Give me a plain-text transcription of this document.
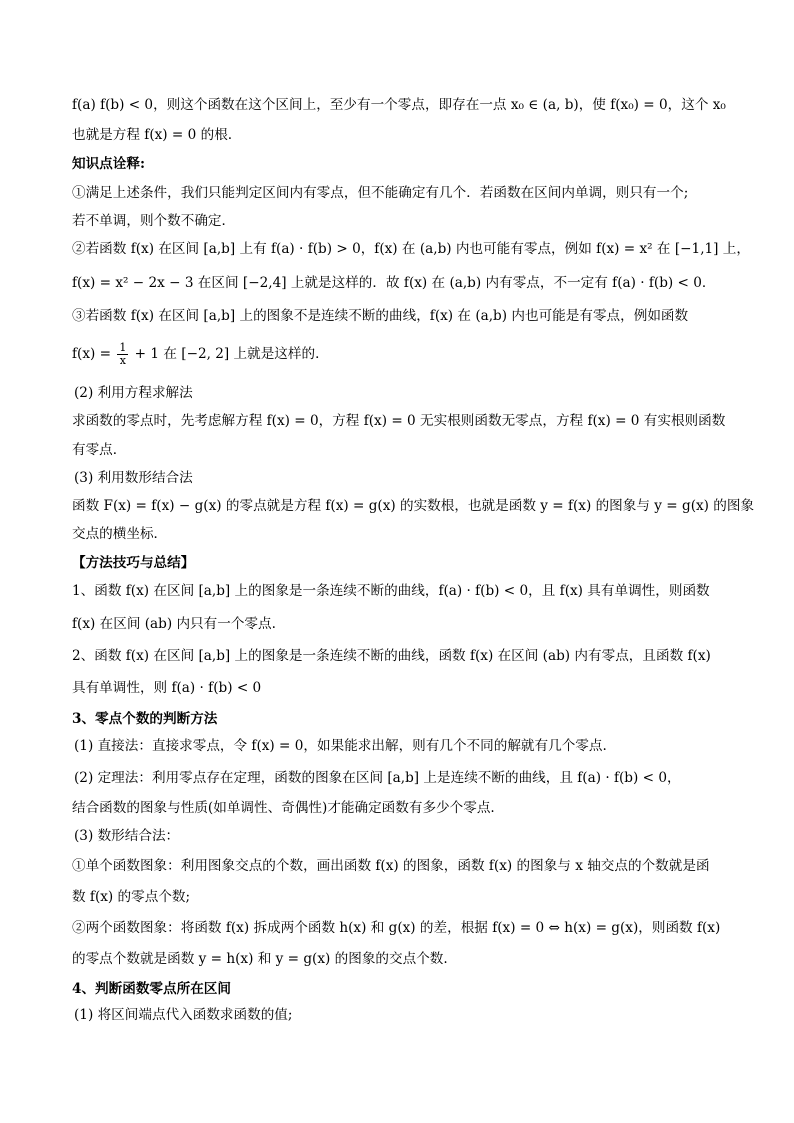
f(a) f(b) < 0，则这个函数在这个区间上，至少有一个零点，即存在一点 x₀ ∈ (a, b)，使 f(x₀) = 0，这个 x₀
也就是方程 f(x) = 0 的根.
知识点诠释:
①满足上述条件，我们只能判定区间内有零点，但不能确定有几个．若函数在区间内单调，则只有一个;
若不单调，则个数不确定．
②若函数 f(x) 在区间 [a,b] 上有 f(a) · f(b) > 0，f(x) 在 (a,b) 内也可能有零点，例如 f(x) = x² 在 [−1,1] 上，
f(x) = x² − 2x − 3 在区间 [−2,4] 上就是这样的．故 f(x) 在 (a,b) 内有零点，不一定有 f(a) · f(b) < 0．
③若函数 f(x) 在区间 [a,b] 上的图象不是连续不断的曲线，f(x) 在 (a,b) 内也可能是有零点，例如函数
$f(x) = \frac{1}{x} + 1$ 在 [−2, 2] 上就是这样的．
(2) 利用方程求解法
求函数的零点时，先考虑解方程 f(x) = 0，方程 f(x) = 0 无实根则函数无零点，方程 f(x) = 0 有实根则函数
有零点．
(3) 利用数形结合法
函数 F(x) = f(x) − g(x) 的零点就是方程 f(x) = g(x) 的实数根，也就是函数 y = f(x) 的图象与 y = g(x) 的图象
交点的横坐标．
【方法技巧与总结】
1、函数 f(x) 在区间 [a,b] 上的图象是一条连续不断的曲线，f(a) · f(b) < 0，且 f(x) 具有单调性，则函数
f(x) 在区间 (ab) 内只有一个零点.
2、函数 f(x) 在区间 [a,b] 上的图象是一条连续不断的曲线，函数 f(x) 在区间 (ab) 内有零点，且函数 f(x)
具有单调性，则 f(a) · f(b) < 0
3、零点个数的判断方法
(1) 直接法：直接求零点，令 f(x) = 0，如果能求出解，则有几个不同的解就有几个零点.
(2) 定理法：利用零点存在定理，函数的图象在区间 [a,b] 上是连续不断的曲线，且 f(a) · f(b) < 0，
结合函数的图象与性质(如单调性、奇偶性)才能确定函数有多少个零点.
(3) 数形结合法：
①单个函数图象：利用图象交点的个数，画出函数 f(x) 的图象，函数 f(x) 的图象与 x 轴交点的个数就是函
数 f(x) 的零点个数;
②两个函数图象：将函数 f(x) 拆成两个函数 h(x) 和 g(x) 的差，根据 f(x) = 0 ⇔ h(x) = g(x)，则函数 f(x)
的零点个数就是函数 y = h(x) 和 y = g(x) 的图象的交点个数.
4、判断函数零点所在区间
(1) 将区间端点代入函数求函数的值;
